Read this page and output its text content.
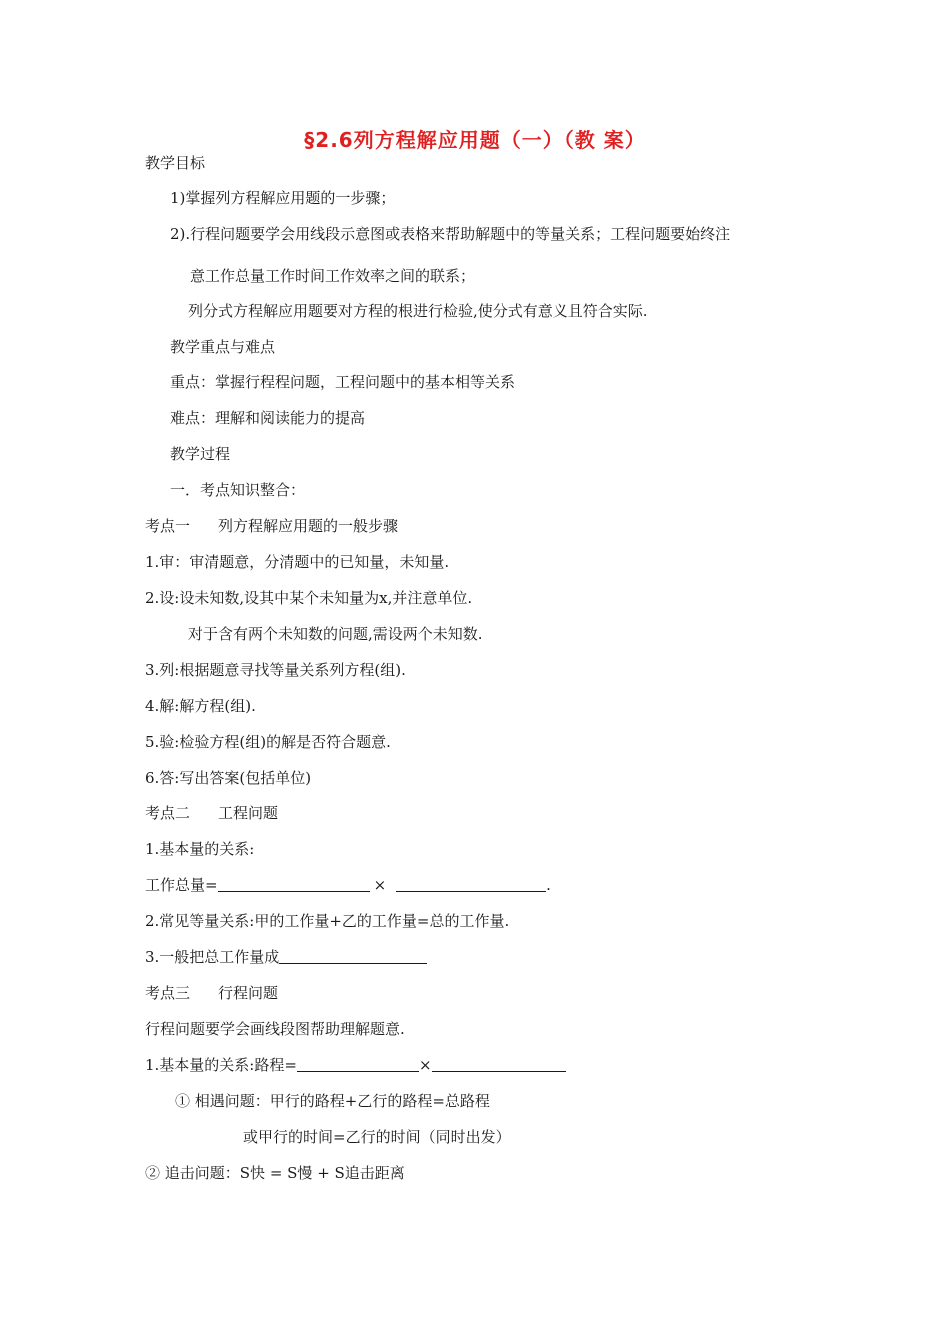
§2.6列方程解应用题（一）（教 案）
教学目标
1)掌握列方程解应用题的一步骤；
2).行程问题要学会用线段示意图或表格来帮助解题中的等量关系；工程问题要始终注
意工作总量工作时间工作效率之间的联系；
列分式方程解应用题要对方程的根进行检验,使分式有意义且符合实际.
教学重点与难点
重点：掌握行程程问题，工程问题中的基本相等关系
难点：理解和阅读能力的提高
教学过程
一．考点知识整合：
考点一 列方程解应用题的一般步骤
1.审：审清题意，分清题中的已知量，未知量.
2.设:设未知数,设其中某个未知量为x,并注意单位.
对于含有两个未知数的问题,需设两个未知数.
3.列:根据题意寻找等量关系列方程(组).
4.解:解方程(组).
5.验:检验方程(组)的解是否符合题意.
6.答:写出答案(包括单位)
考点二 工程问题
1.基本量的关系:
工作总量=	×	.
2.常见等量关系:甲的工作量+乙的工作量=总的工作量.
3.一般把总工作量成
考点三 行程问题
行程问题要学会画线段图帮助理解题意.
1.基本量的关系:路程=	×
① 相遇问题：甲行的路程+乙行的路程=总路程
或甲行的时间=乙行的时间（同时出发）
② 追击问题：S快 = S慢 + S追击距离
